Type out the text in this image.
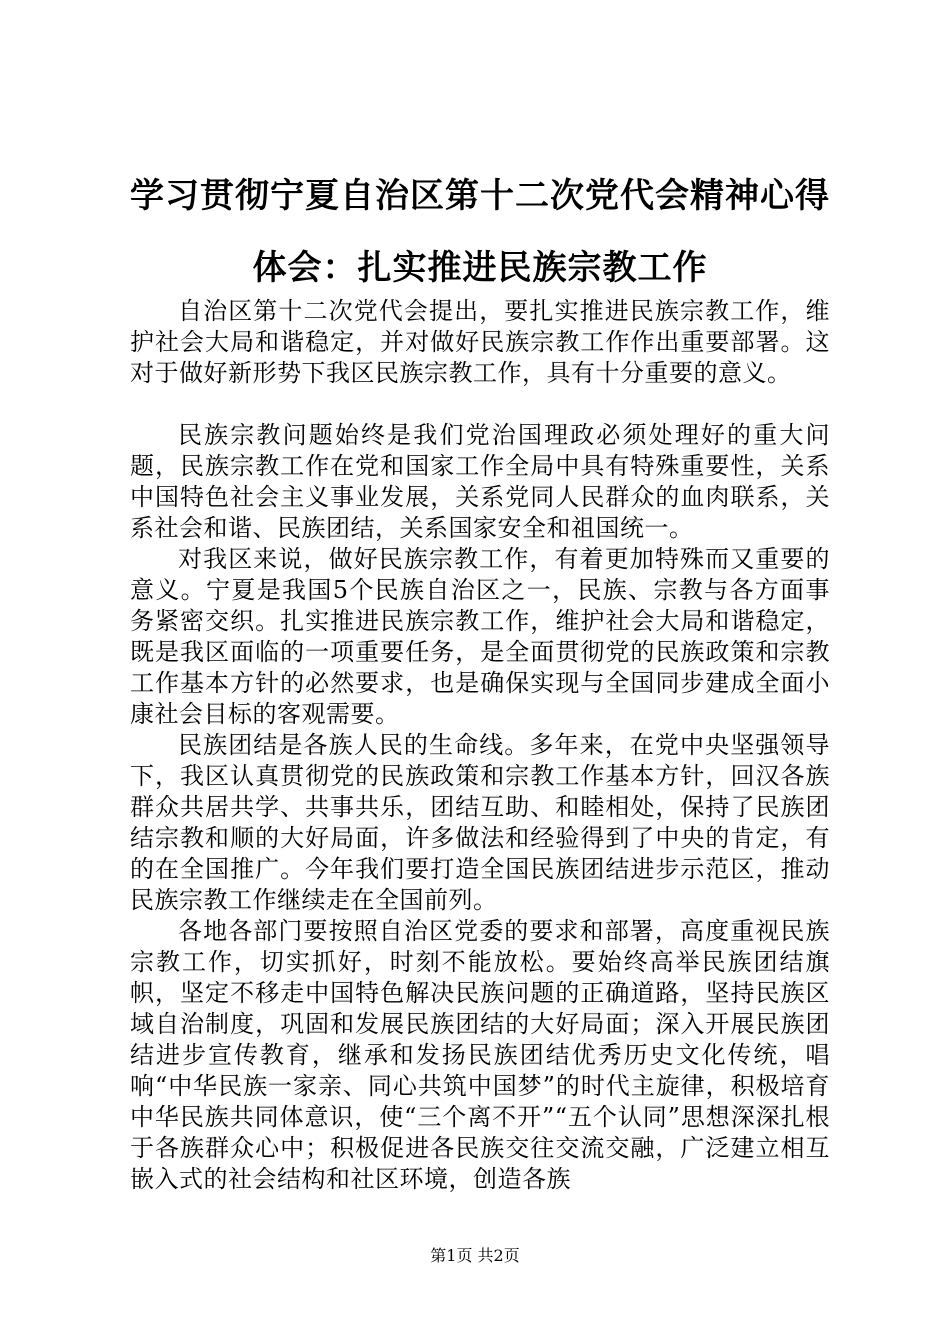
学习贯彻宁夏自治区第十二次党代会精神心得
体会：扎实推进民族宗教工作

自治区第十二次党代会提出，要扎实推进民族宗教工作，维护社会大局和谐稳定，并对做好民族宗教工作作出重要部署。这对于做好新形势下我区民族宗教工作，具有十分重要的意义。

民族宗教问题始终是我们党治国理政必须处理好的重大问题，民族宗教工作在党和国家工作全局中具有特殊重要性，关系中国特色社会主义事业发展，关系党同人民群众的血肉联系，关系社会和谐、民族团结，关系国家安全和祖国统一。

对我区来说，做好民族宗教工作，有着更加特殊而又重要的意义。宁夏是我国5个民族自治区之一，民族、宗教与各方面事务紧密交织。扎实推进民族宗教工作，维护社会大局和谐稳定，既是我区面临的一项重要任务，是全面贯彻党的民族政策和宗教工作基本方针的必然要求，也是确保实现与全国同步建成全面小康社会目标的客观需要。

民族团结是各族人民的生命线。多年来，在党中央坚强领导下，我区认真贯彻党的民族政策和宗教工作基本方针，回汉各族群众共居共学、共事共乐，团结互助、和睦相处，保持了民族团结宗教和顺的大好局面，许多做法和经验得到了中央的肯定，有的在全国推广。今年我们要打造全国民族团结进步示范区，推动民族宗教工作继续走在全国前列。

各地各部门要按照自治区党委的要求和部署，高度重视民族宗教工作，切实抓好，时刻不能放松。要始终高举民族团结旗帜，坚定不移走中国特色解决民族问题的正确道路，坚持民族区域自治制度，巩固和发展民族团结的大好局面；深入开展民族团结进步宣传教育，继承和发扬民族团结优秀历史文化传统，唱响“中华民族一家亲、同心共筑中国梦”的时代主旋律，积极培育中华民族共同体意识，使“三个离不开”“五个认同”思想深深扎根于各族群众心中；积极促进各民族交往交流交融，广泛建立相互嵌入式的社会结构和社区环境，创造各族

第1页 共2页
